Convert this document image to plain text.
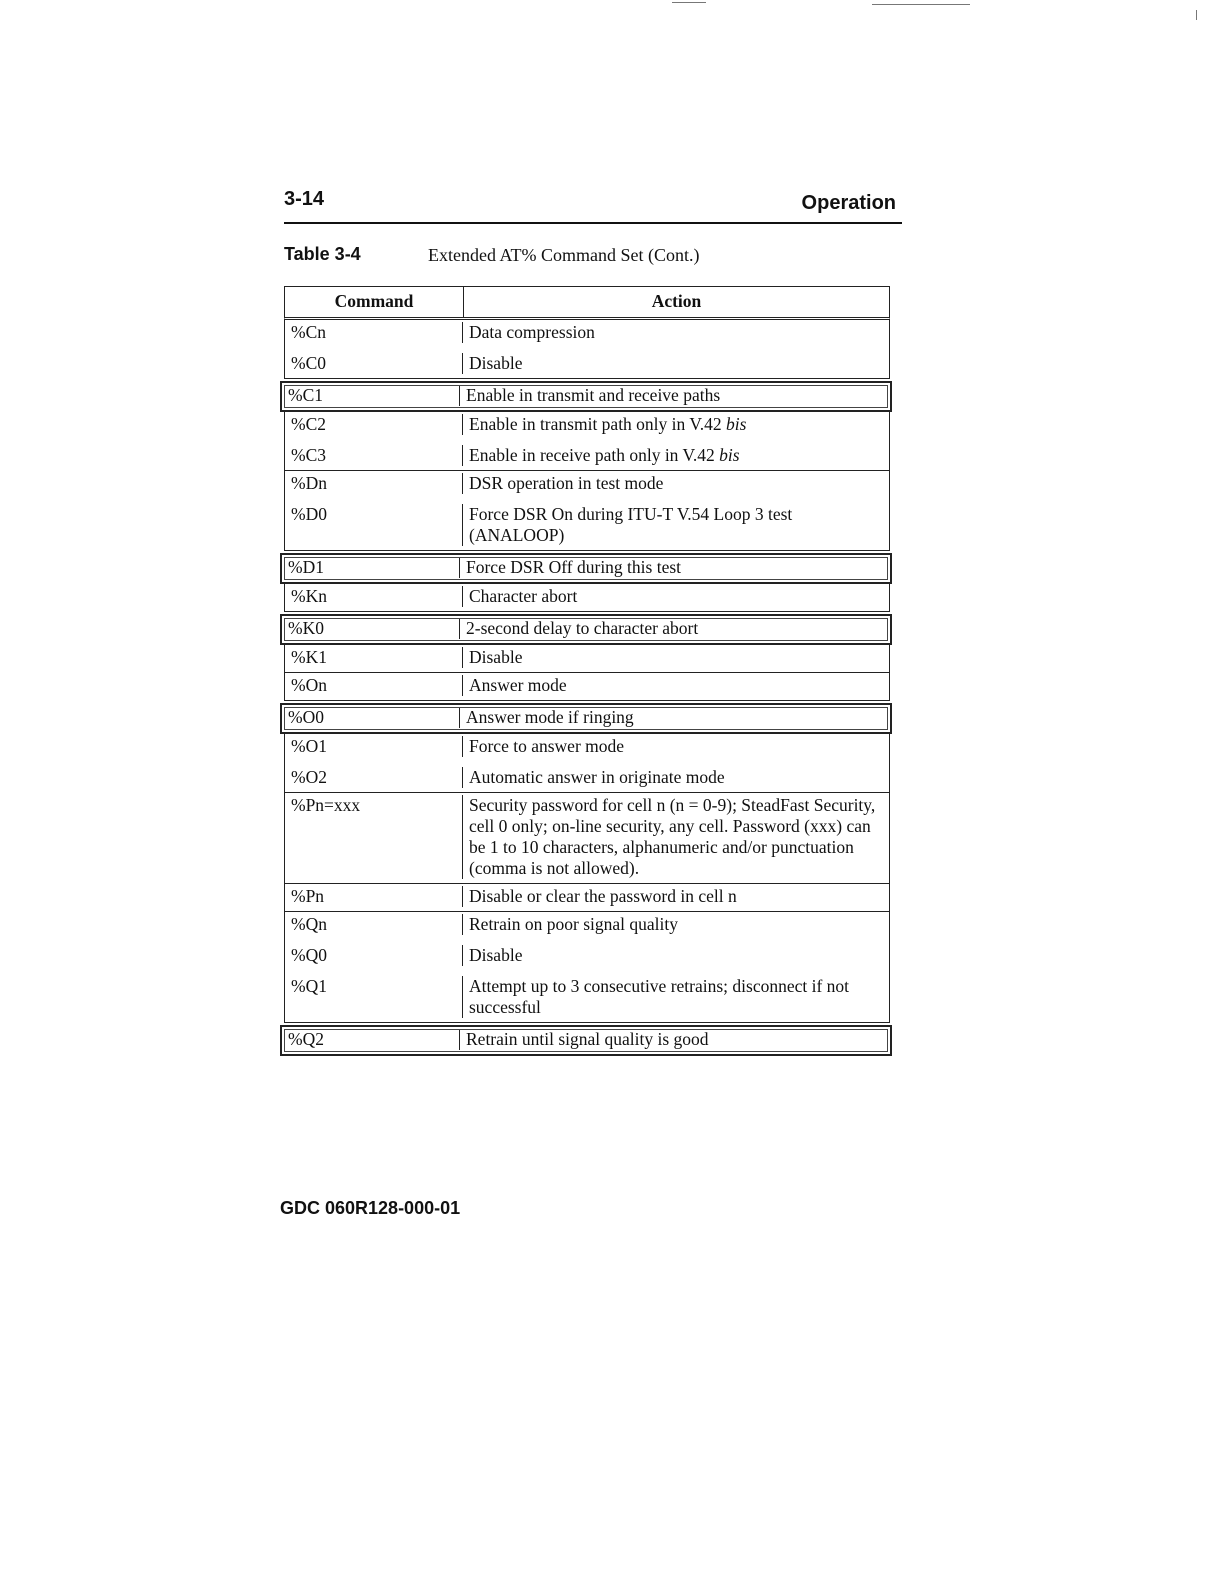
3-14	Operation
Table 3-4	Extended AT% Command Set (Cont.)
Command	Action
%Cn	Data compression
%C0	Disable
%C1	Enable in transmit and receive paths
%C2	Enable in transmit path only in V.42 bis
%C3	Enable in receive path only in V.42 bis
%Dn	DSR operation in test mode
%D0	Force DSR On during ITU-T V.54 Loop 3 test (ANALOOP)
%D1	Force DSR Off during this test
%Kn	Character abort
%K0	2-second delay to character abort
%K1	Disable
%On	Answer mode
%O0	Answer mode if ringing
%O1	Force to answer mode
%O2	Automatic answer in originate mode
%Pn=xxx	Security password for cell n (n = 0-9); SteadFast Security, cell 0 only; on-line security, any cell. Password (xxx) can be 1 to 10 characters, alphanumeric and/or punctuation (comma is not allowed).
%Pn	Disable or clear the password in cell n
%Qn	Retrain on poor signal quality
%Q0	Disable
%Q1	Attempt up to 3 consecutive retrains; disconnect if not successful
%Q2	Retrain until signal quality is good
GDC 060R128-000-01
